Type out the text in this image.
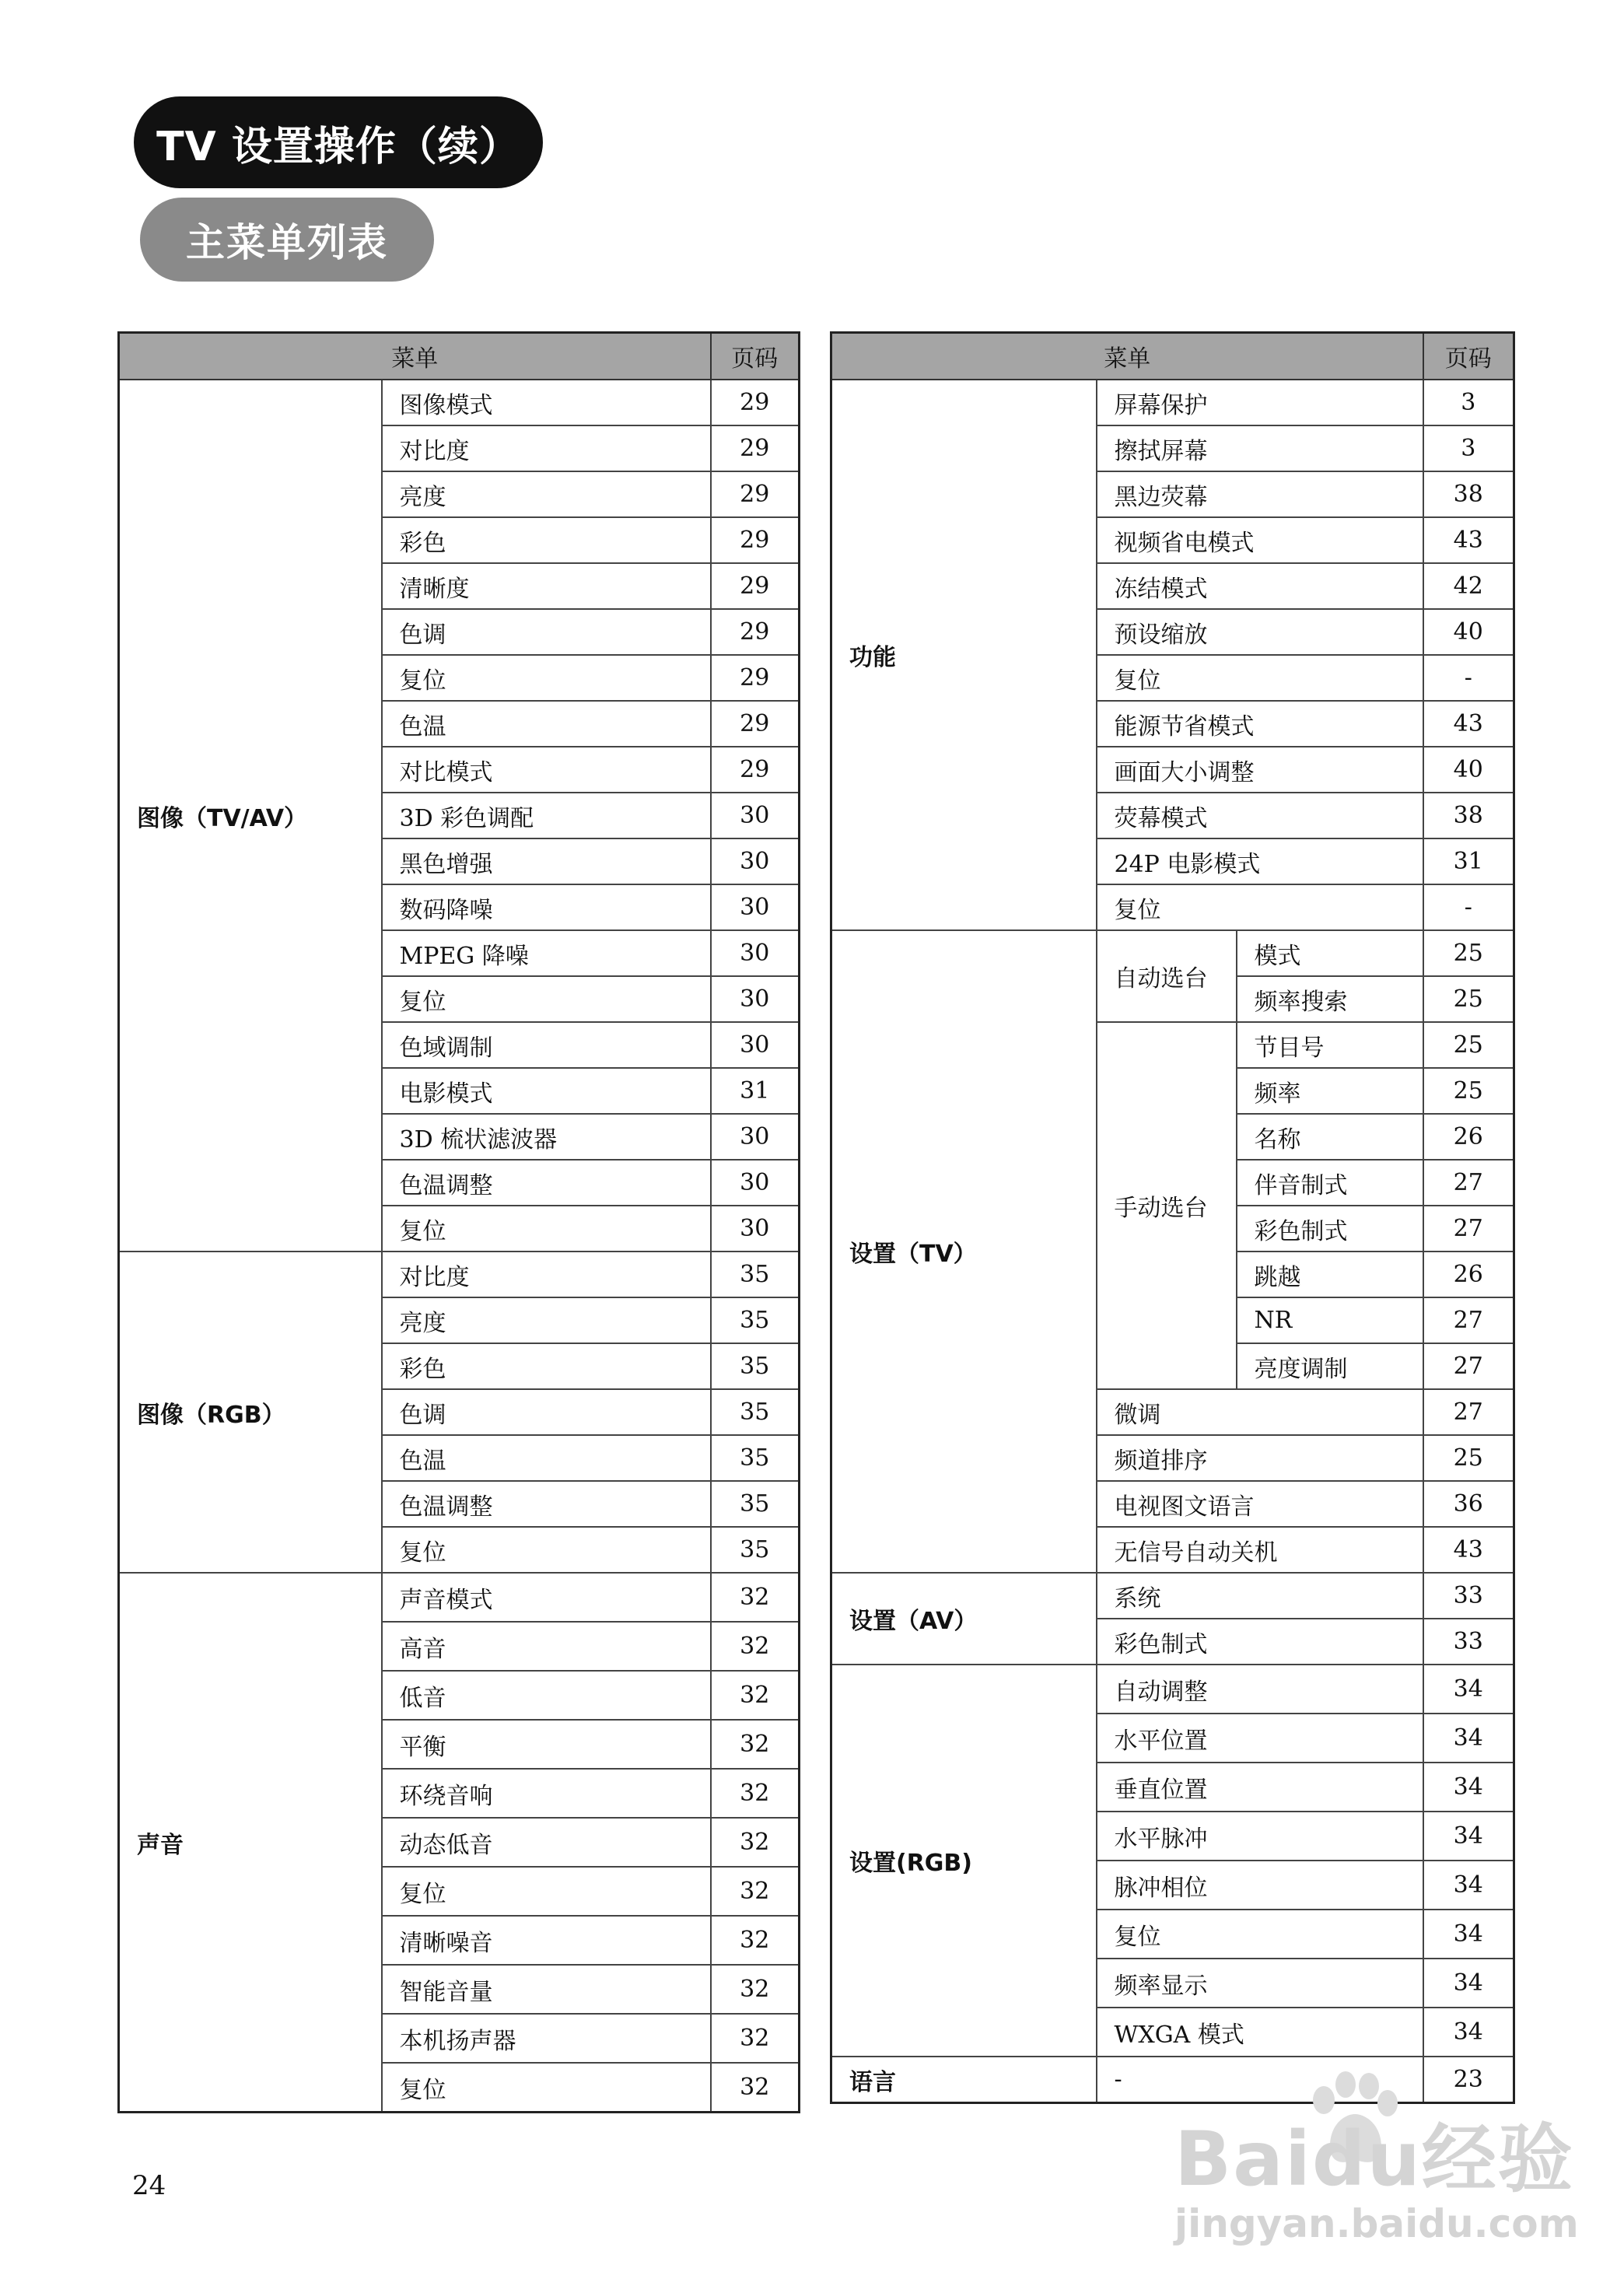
TV 设置操作（续）
主菜单列表
菜单		页码
图像（TV/AV）	图像模式	29
	对比度	29
	亮度	29
	彩色	29
	清晰度	29
	色调	29
	复位	29
	色温	29
	对比模式	29
	3D 彩色调配	30
	黑色增强	30
	数码降噪	30
	MPEG 降噪	30
	复位	30
	色域调制	30
	电影模式	31
	3D 梳状滤波器	30
	色温调整	30
	复位	30
图像（RGB）	对比度	35
	亮度	35
	彩色	35
	色调	35
	色温	35
	色温调整	35
	复位	35
声音	声音模式	32
	高音	32
	低音	32
	平衡	32
	环绕音响	32
	动态低音	32
	复位	32
	清晰噪音	32
	智能音量	32
	本机扬声器	32
	复位	32
菜单			页码
功能	屏幕保护		3
	擦拭屏幕		3
	黑边荧幕		38
	视频省电模式		43
	冻结模式		42
	预设缩放		40
	复位		-
	能源节省模式		43
	画面大小调整		40
	荧幕模式		38
	24P 电影模式		31
	复位		-
设置（TV）	自动选台	模式	25
		频率搜索	25
	手动选台	节目号	25
		频率	25
		名称	26
		伴音制式	27
		彩色制式	27
		跳越	26
		NR	27
		亮度调制	27
	微调		27
	频道排序		25
	电视图文语言		36
	无信号自动关机		43
设置（AV）	系统		33
	彩色制式		33
设置(RGB)	自动调整		34
	水平位置		34
	垂直位置		34
	水平脉冲		34
	脉冲相位		34
	复位		34
	频率显示		34
	WXGA 模式		34
语言	-		23
24	Baidu经验
jingyan.baidu.com
